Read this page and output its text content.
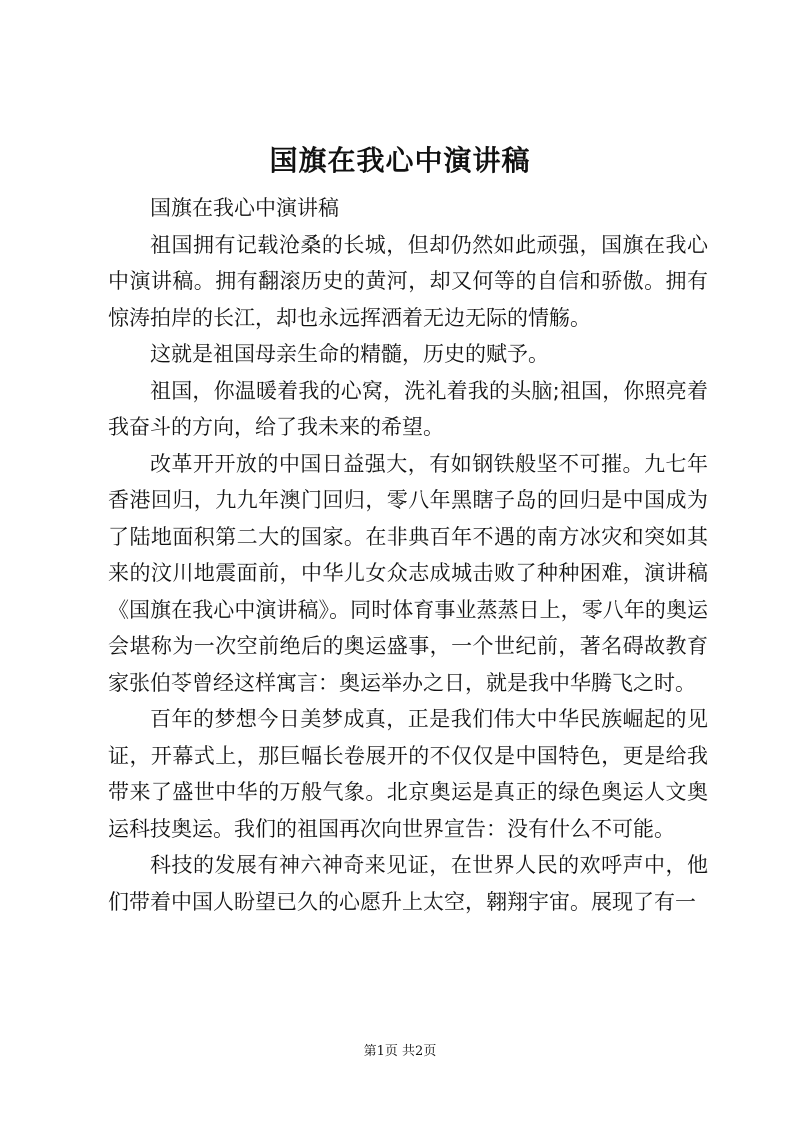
国旗在我心中演讲稿

国旗在我心中演讲稿

祖国拥有记载沧桑的长城，但却仍然如此顽强，国旗在我心中演讲稿。拥有翻滚历史的黄河，却又何等的自信和骄傲。拥有惊涛拍岸的长江，却也永远挥洒着无边无际的情觞。

这就是祖国母亲生命的精髓，历史的赋予。

祖国，你温暖着我的心窝，洗礼着我的头脑;祖国，你照亮着我奋斗的方向，给了我未来的希望。

改革开开放的中国日益强大，有如钢铁般坚不可摧。九七年香港回归，九九年澳门回归，零八年黑瞎子岛的回归是中国成为了陆地面积第二大的国家。在非典百年不遇的南方冰灾和突如其来的汶川地震面前，中华儿女众志成城击败了种种困难，演讲稿《国旗在我心中演讲稿》。同时体育事业蒸蒸日上，零八年的奥运会堪称为一次空前绝后的奥运盛事，一个世纪前，著名碍故教育家张伯苓曾经这样寓言：奥运举办之日，就是我中华腾飞之时。

百年的梦想今日美梦成真，正是我们伟大中华民族崛起的见证，开幕式上，那巨幅长卷展开的不仅仅是中国特色，更是给我带来了盛世中华的万般气象。北京奥运是真正的绿色奥运人文奥运科技奥运。我们的祖国再次向世界宣告：没有什么不可能。

科技的发展有神六神奇来见证，在世界人民的欢呼声中，他们带着中国人盼望已久的心愿升上太空，翱翔宇宙。展现了有一

第1页 共2页
